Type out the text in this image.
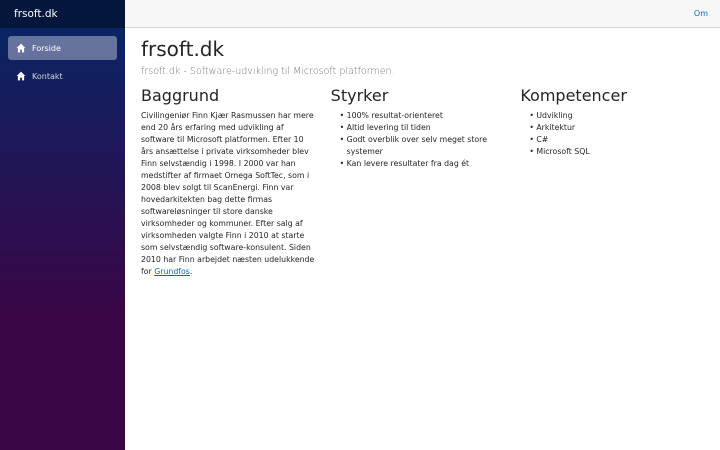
frsoft.dk
Forside
Kontakt
Om
frsoft.dk

frsoft.dk - Software-udvikling til Microsoft platformen.

Baggrund

Civilingeniør Finn Kjær Rasmussen har mere end 20 års erfaring med udvikling af software til Microsoft platformen. Efter 10 års ansættelse i private virksomheder blev Finn selvstændig i 1998. I 2000 var han medstifter af firmaet Omega SoftTec, som i 2008 blev solgt til ScanEnergi. Finn var hovedarkitekten bag dette firmas softwareløsninger til store danske virksomheder og kommuner. Efter salg af virksomheden valgte Finn i 2010 at starte som selvstændig software-konsulent. Siden 2010 har Finn arbejdet næsten udelukkende for Grundfos.

Styrker
• 100% resultat-orienteret
• Altid levering til tiden
• Godt overblik over selv meget store systemer
• Kan levere resultater fra dag ét
Kompetencer
• Udvikling
• Arkitektur
• C#
• Microsoft SQL
